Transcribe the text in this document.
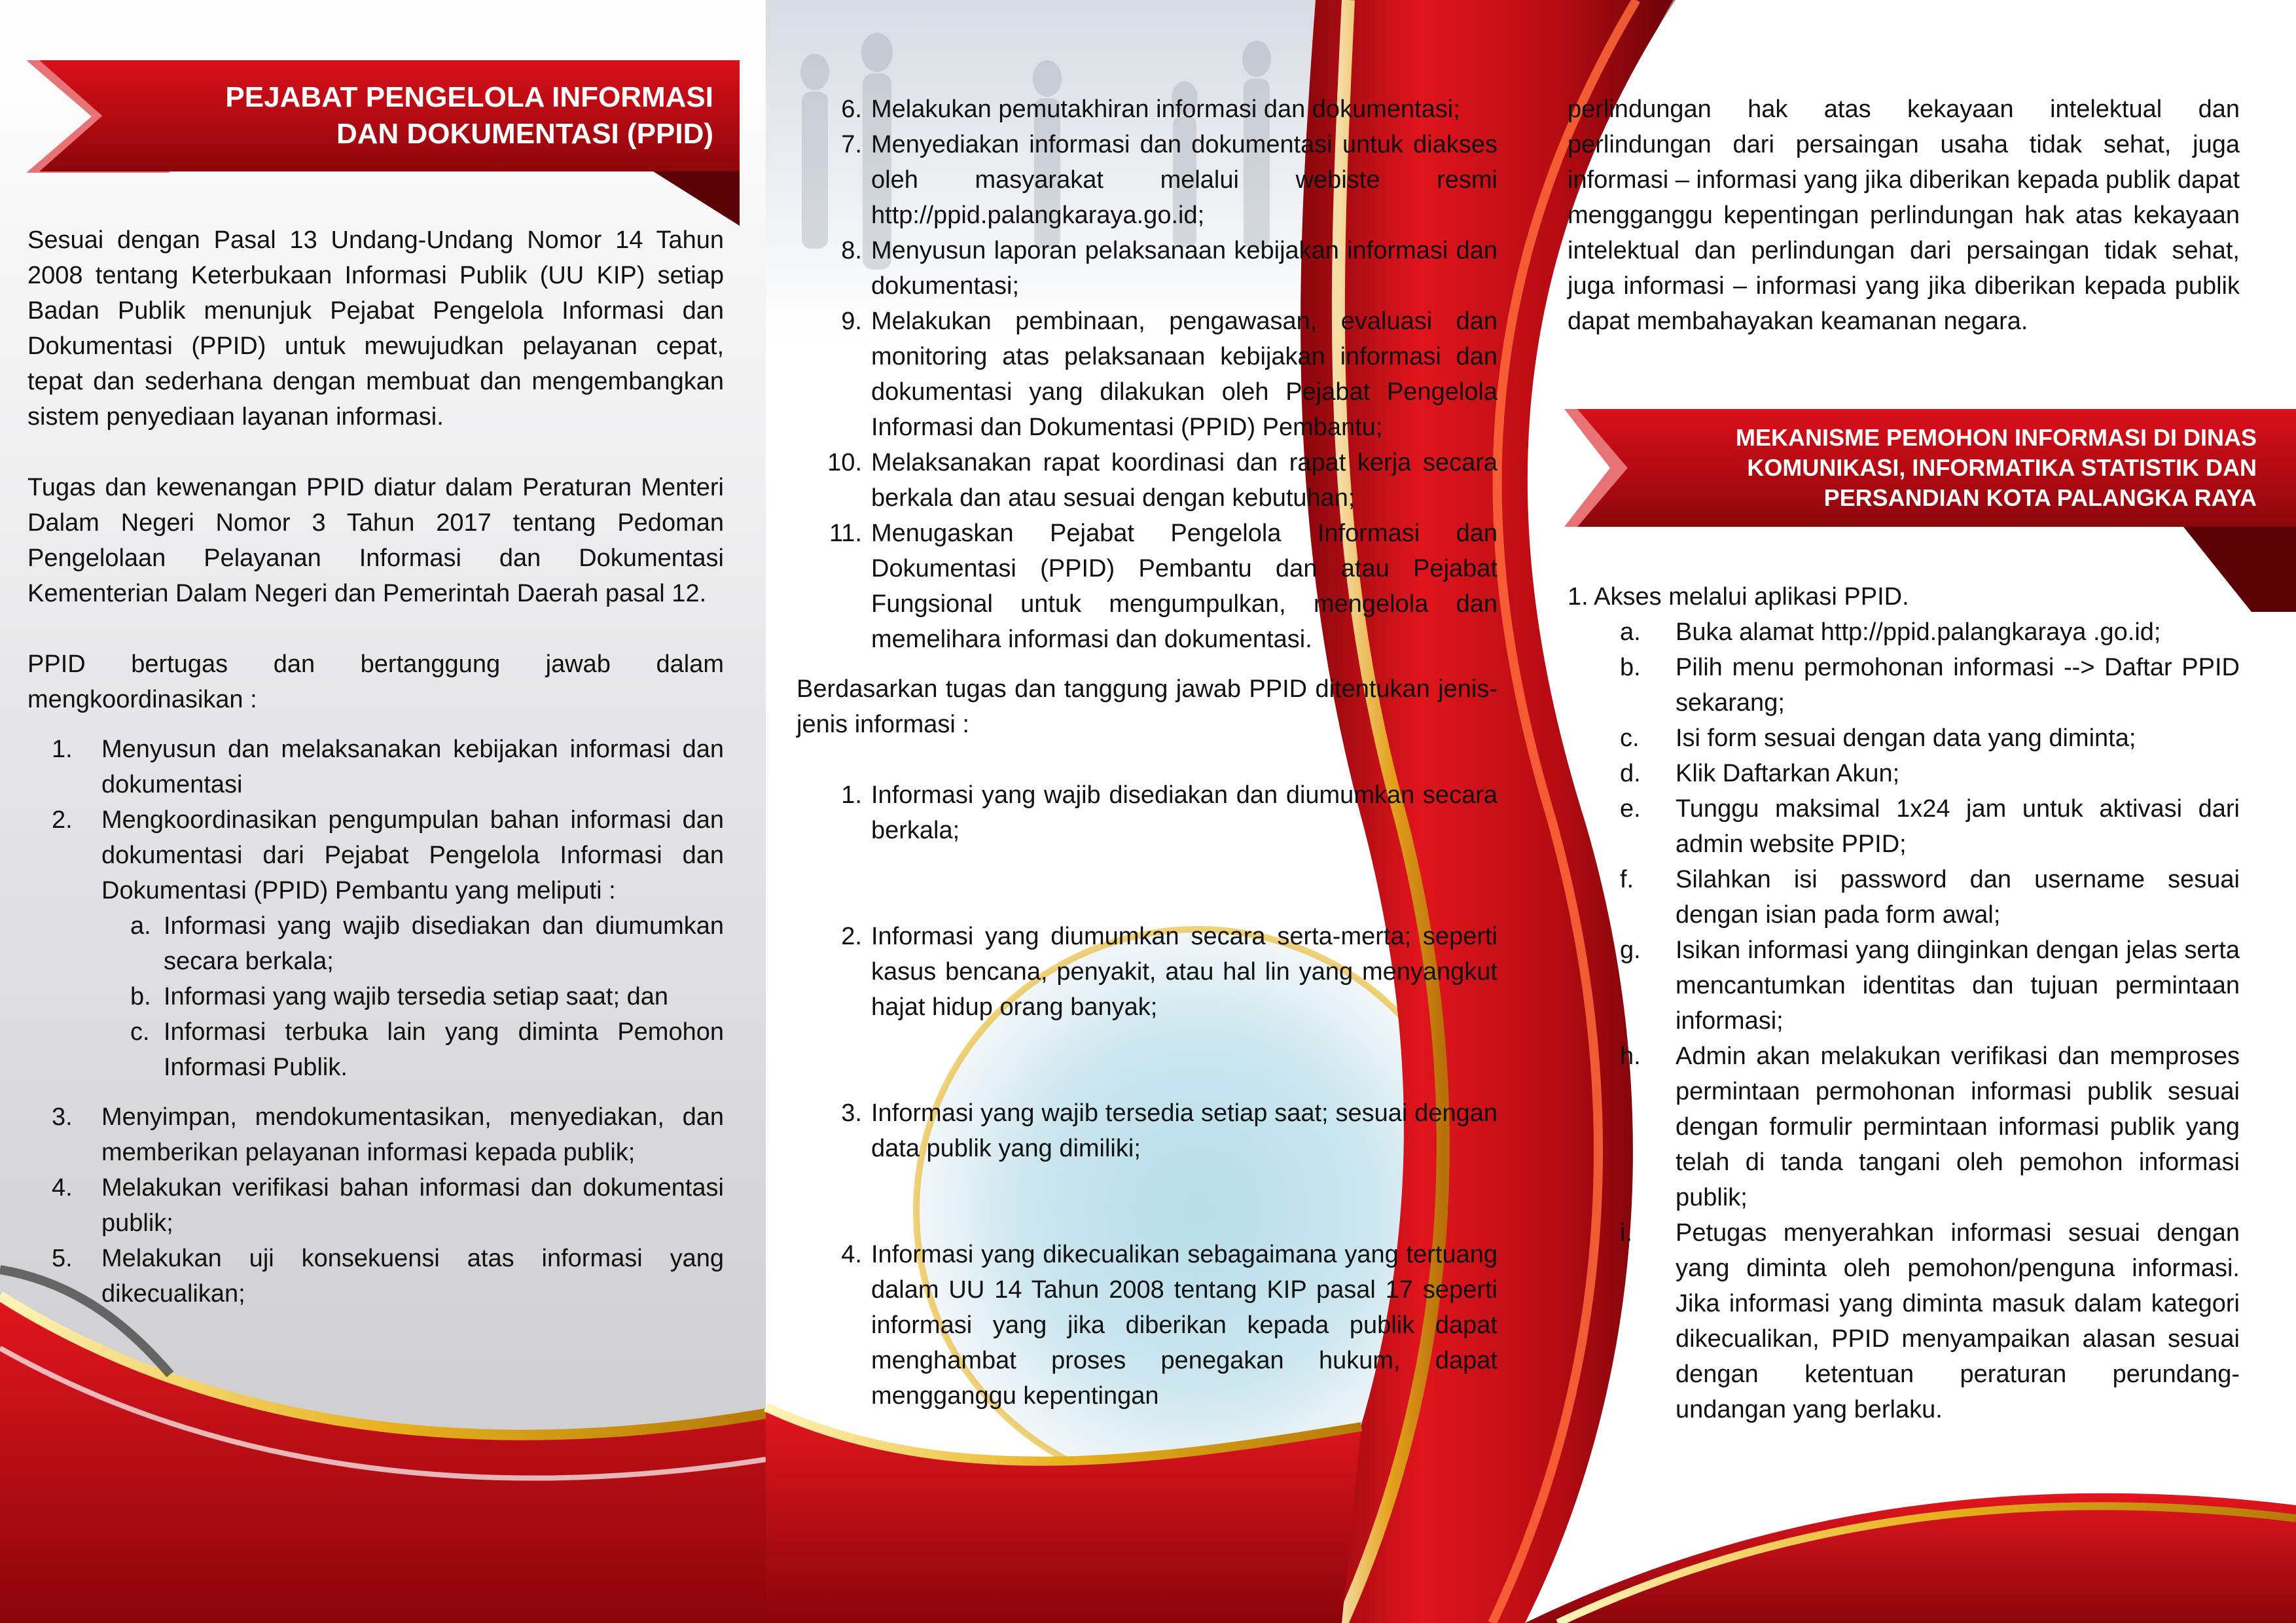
PEJABAT PENGELOLA INFORMASI
DAN DOKUMENTASI (PPID)

Sesuai dengan Pasal 13 Undang-Undang Nomor 14 Tahun 2008 tentang Keterbukaan Informasi Publik (UU KIP) setiap Badan Publik menunjuk Pejabat Pengelola Informasi dan Dokumentasi (PPID) untuk mewujudkan pelayanan cepat, tepat dan sederhana dengan membuat dan mengembangkan sistem penyediaan layanan informasi.

Tugas dan kewenangan PPID diatur dalam Peraturan Menteri Dalam Negeri Nomor 3 Tahun 2017 tentang Pedoman Pengelolaan Pelayanan Informasi dan Dokumentasi Kementerian Dalam Negeri dan Pemerintah Daerah pasal 12.

PPID bertugas dan bertanggung jawab dalam mengkoordinasikan :

1.	Menyusun dan melaksanakan kebijakan informasi dan dokumentasi
2.	Mengkoordinasikan pengumpulan bahan informasi dan dokumentasi dari Pejabat Pengelola Informasi dan Dokumentasi (PPID) Pembantu yang meliputi :
a. Informasi yang wajib disediakan dan diumumkan secara berkala;
b. Informasi yang wajib tersedia setiap saat; dan
c. Informasi terbuka lain yang diminta Pemohon Informasi Publik.
3.	Menyimpan, mendokumentasikan, menyediakan, dan memberikan pelayanan informasi kepada publik;
4.	Melakukan verifikasi bahan informasi dan dokumentasi publik;
5.	Melakukan uji konsekuensi atas informasi yang dikecualikan;
6. Melakukan pemutakhiran informasi dan dokumentasi;
7. Menyediakan informasi dan dokumentasi untuk diakses oleh masyarakat melalui webiste resmi http://ppid.palangkaraya.go.id;
8. Menyusun laporan pelaksanaan kebijakan informasi dan dokumentasi;
9. Melakukan pembinaan, pengawasan, evaluasi dan monitoring atas pelaksanaan kebijakan informasi dan dokumentasi yang dilakukan oleh Pejabat Pengelola Informasi dan Dokumentasi (PPID) Pembantu;
10. Melaksanakan rapat koordinasi dan rapat kerja secara berkala dan atau sesuai dengan kebutuhan;
11. Menugaskan Pejabat Pengelola Informasi dan Dokumentasi (PPID) Pembantu dan atau Pejabat Fungsional untuk mengumpulkan, mengelola dan memelihara informasi dan dokumentasi.

Berdasarkan tugas dan tanggung jawab PPID ditentukan jenis-jenis informasi :

1. Informasi yang wajib disediakan dan diumumkan secara berkala;
2. Informasi yang diumumkan secara serta-merta; seperti kasus bencana, penyakit, atau hal lin yang menyangkut hajat hidup orang banyak;
3. Informasi yang wajib tersedia setiap saat; sesuai dengan data publik yang dimiliki;
4. Informasi yang dikecualikan sebagaimana yang tertuang dalam UU 14 Tahun 2008 tentang KIP pasal 17 seperti informasi yang jika diberikan kepada publik dapat menghambat proses penegakan hukum, dapat mengganggu kepentingan

perlindungan hak atas kekayaan intelektual dan perlindungan dari persaingan usaha tidak sehat, juga informasi – informasi yang jika diberikan kepada publik dapat mengganggu kepentingan perlindungan hak atas kekayaan intelektual dan perlindungan dari persaingan tidak sehat, juga informasi – informasi yang jika diberikan kepada publik dapat membahayakan keamanan negara.

MEKANISME PEMOHON INFORMASI DI DINAS
KOMUNIKASI, INFORMATIKA STATISTIK DAN
PERSANDIAN KOTA PALANGKA RAYA

1. Akses melalui aplikasi PPID.

a.	Buka alamat http://ppid.palangkaraya .go.id;
b.	Pilih menu permohonan informasi --> Daftar PPID sekarang;
c.	Isi form sesuai dengan data yang diminta;
d.	Klik Daftarkan Akun;
e.	Tunggu maksimal 1x24 jam untuk aktivasi dari admin website PPID;
f.	Silahkan isi password dan username sesuai dengan isian pada form awal;
g.	Isikan informasi yang diinginkan dengan jelas serta mencantumkan identitas dan tujuan permintaan informasi;
h.	Admin akan melakukan verifikasi dan memproses permintaan permohonan informasi publik sesuai dengan formulir permintaan informasi publik yang telah di tanda tangani oleh pemohon informasi publik;
i.	Petugas menyerahkan informasi sesuai dengan yang diminta oleh pemohon/penguna informasi. Jika informasi yang diminta masuk dalam kategori dikecualikan, PPID menyampaikan alasan sesuai dengan ketentuan peraturan perundang- undangan yang berlaku.
